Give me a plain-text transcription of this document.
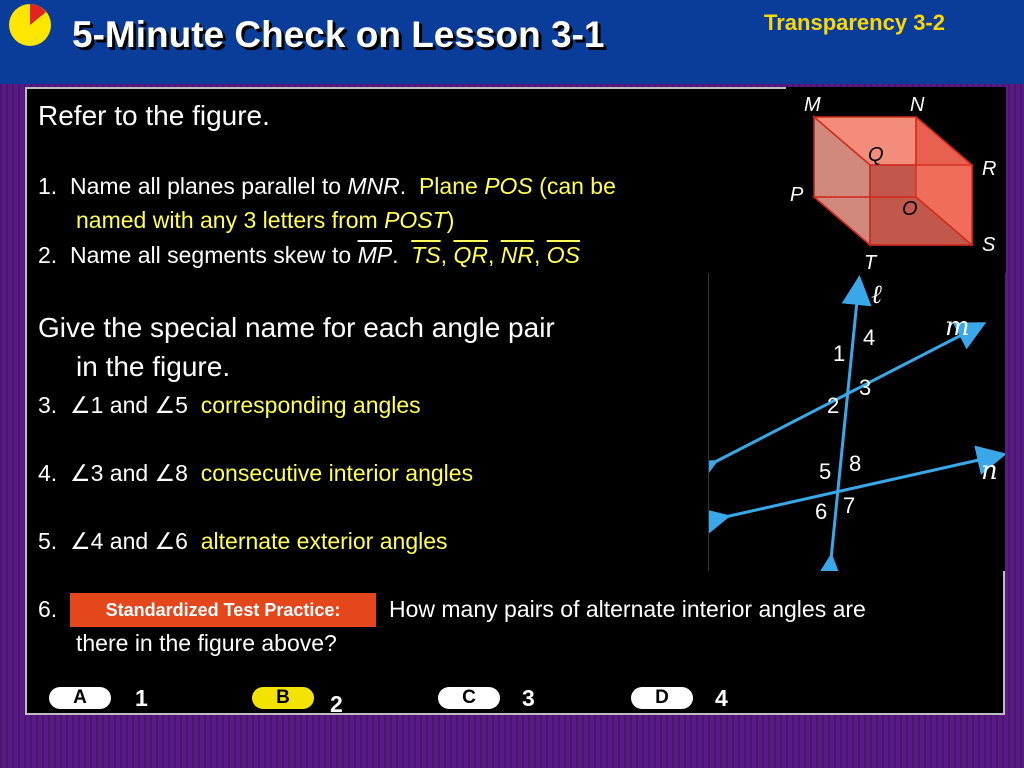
5-Minute Check on Lesson 3-1	Transparency 3-2
Refer to the figure.
1. Name all planes parallel to MNR. Plane POS (can be
named with any 3 letters from POST)
2. Name all segments skew to $\overline{MP}$. $\overline{TS}$, $\overline{QR}$, $\overline{NR}$, $\overline{OS}$
Give the special name for each angle pair
in the figure.
3. ∠1 and ∠5 corresponding angles
4. ∠3 and ∠8 consecutive interior angles
5. ∠4 and ∠6 alternate exterior angles
6.	Standardized Test Practice:	How many pairs of alternate interior angles are
there in the figure above?
A	1	B	2	C	3	D	4
M	N
Q
R
P
O
S
T
ℓ
m
n
1
4
3
2
5 8
6 7
